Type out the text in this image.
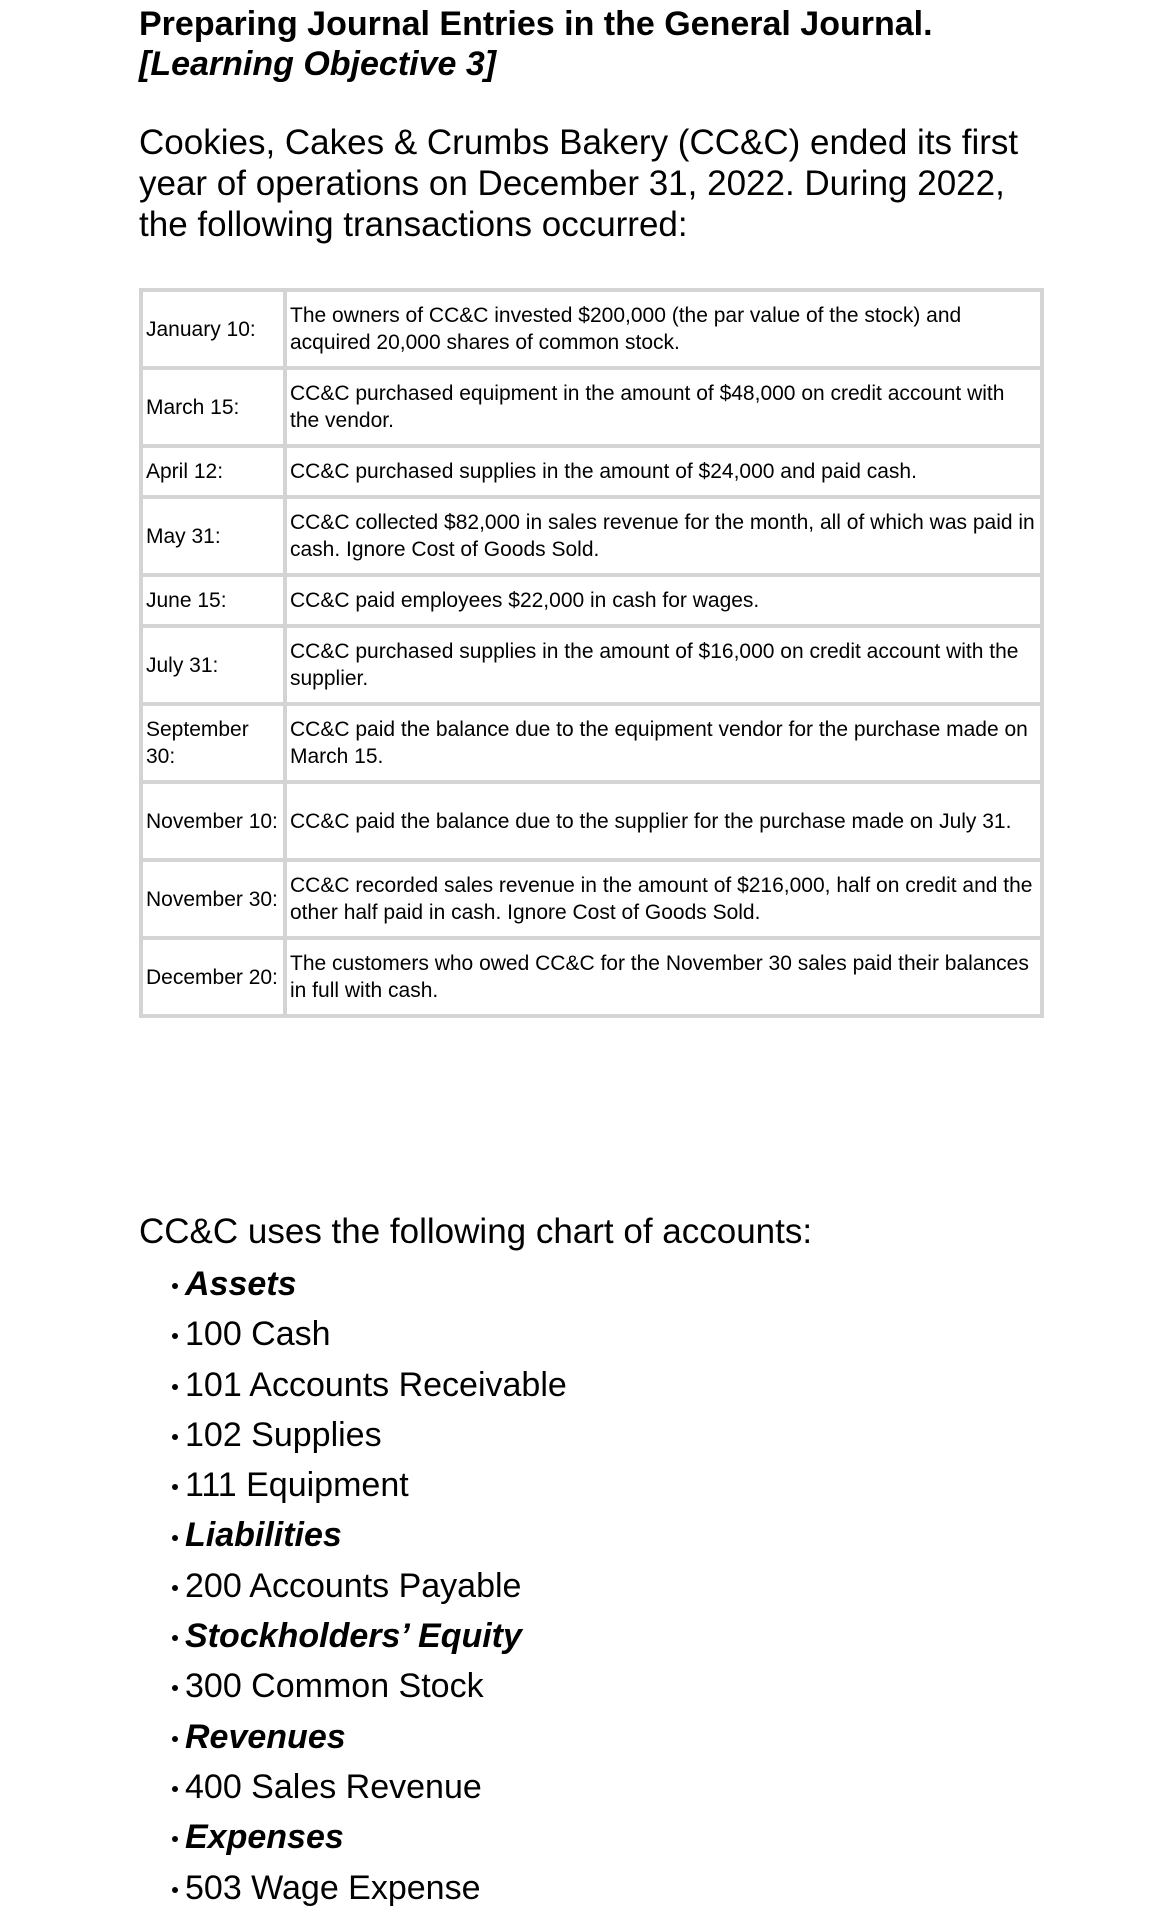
Preparing Journal Entries in the General Journal.
[Learning Objective 3]

Cookies, Cakes & Crumbs Bakery (CC&C) ended its first year of operations on December 31, 2022. During 2022, the following transactions occurred:

January 10:	The owners of CC&C invested $200,000 (the par value of the stock) and acquired 20,000 shares of common stock.
March 15:	CC&C purchased equipment in the amount of $48,000 on credit account with the vendor.
April 12:	CC&C purchased supplies in the amount of $24,000 and paid cash.
May 31:	CC&C collected $82,000 in sales revenue for the month, all of which was paid in cash. Ignore Cost of Goods Sold.
June 15:	CC&C paid employees $22,000 in cash for wages.
July 31:	CC&C purchased supplies in the amount of $16,000 on credit account with the supplier.
September 30:	CC&C paid the balance due to the equipment vendor for the purchase made on March 15.
November 10:	CC&C paid the balance due to the supplier for the purchase made on July 31.
November 30:	CC&C recorded sales revenue in the amount of $216,000, half on credit and the other half paid in cash. Ignore Cost of Goods Sold.
December 20:	The customers who owed CC&C for the November 30 sales paid their balances in full with cash.

CC&C uses the following chart of accounts:

Assets
100 Cash
101 Accounts Receivable
102 Supplies
111 Equipment
Liabilities
200 Accounts Payable
Stockholders’ Equity
300 Common Stock
Revenues
400 Sales Revenue
Expenses
503 Wage Expense
